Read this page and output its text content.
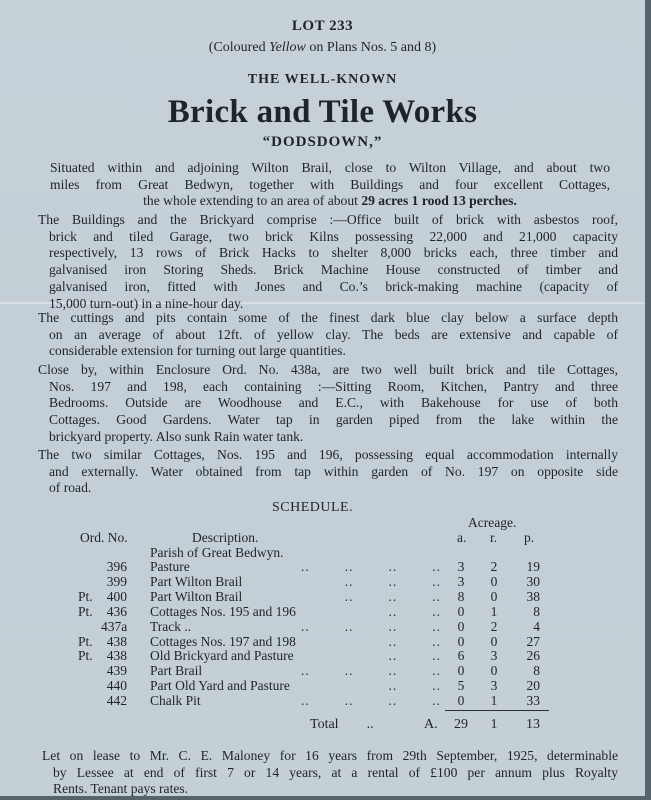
LOT 233
(Coloured Yellow on Plans Nos. 5 and 8)
THE WELL-KNOWN
Brick and Tile Works
“DODSDOWN,”
Situated within and adjoining Wilton Brail, close to Wilton Village, and about two
miles from Great Bedwyn, together with Buildings and four excellent Cottages,
the whole extending to an area of about 29 acres 1 rood 13 perches.
The Buildings and the Brickyard comprise :—Office built of brick with asbestos roof,
brick and tiled Garage, two brick Kilns possessing 22,000 and 21,000 capacity
respectively, 13 rows of Brick Hacks to shelter 8,000 bricks each, three timber and
galvanised iron Storing Sheds. Brick Machine House constructed of timber and
galvanised iron, fitted with Jones and Co.’s brick-making machine (capacity of
15,000 turn-out) in a nine-hour day.
The cuttings and pits contain some of the finest dark blue clay below a surface depth
on an average of about 12ft. of yellow clay. The beds are extensive and capable of
considerable extension for turning out large quantities.
Close by, within Enclosure Ord. No. 438a, are two well built brick and tile Cottages,
Nos. 197 and 198, each containing :—Sitting Room, Kitchen, Pantry and three
Bedrooms. Outside are Woodhouse and E.C., with Bakehouse for use of both
Cottages. Good Gardens. Water tap in garden piped from the lake within the
brickyard property. Also sunk Rain water tank.
The two similar Cottages, Nos. 195 and 196, possessing equal accommodation internally
and externally. Water obtained from tap within garden of No. 197 on opposite side
of road.
SCHEDULE.
Acreage.
Ord. No.	Description.	a. r. p.
Parish of Great Bedwyn.
396 Pasture	3	2	19
..        ..        ..        ..
399 Part Wilton Brail	3	0	30
..        ..        ..
Pt.	400 Part Wilton Brail	8	0	38
..        ..        ..
Pt.	436 Cottages Nos. 195 and 196	0	1	8
..        ..
437a Track ..	0	2	4
..        ..        ..        ..
Pt.	438 Cottages Nos. 197 and 198	0	0	27
..        ..
Pt.	438 Old Brickyard and Pasture	6	3	26
..        ..
439 Part Brail	0	0	8
..        ..        ..        ..
440 Part Old Yard and Pasture	5	3	20
..        ..
442 Chalk Pit	0	1	33
..        ..        ..        ..
Total ..	A. 29	1	13
Let on lease to Mr. C. E. Maloney for 16 years from 29th September, 1925, determinable
by Lessee at end of first 7 or 14 years, at a rental of £100 per annum plus Royalty
Rents. Tenant pays rates.
